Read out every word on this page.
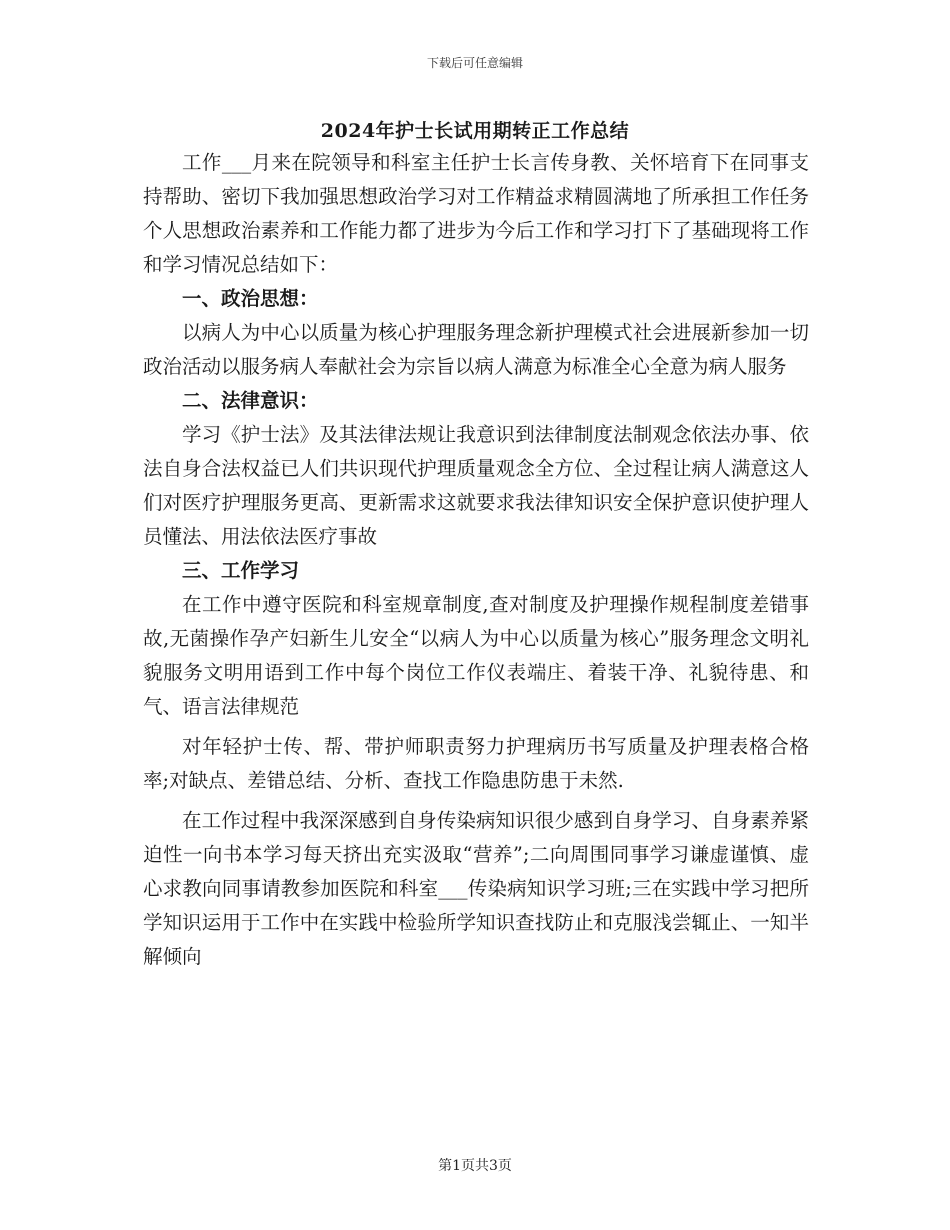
下载后可任意编辑
2024年护士长试用期转正工作总结

工作___月来在院领导和科室主任护士长言传身教、关怀培育下在同事支持帮助、密切下我加强思想政治学习对工作精益求精圆满地了所承担工作任务个人思想政治素养和工作能力都了进步为今后工作和学习打下了基础现将工作和学习情况总结如下：

一、政治思想：

以病人为中心以质量为核心护理服务理念新护理模式社会进展新参加一切政治活动以服务病人奉献社会为宗旨以病人满意为标准全心全意为病人服务

二、法律意识：

学习《护士法》及其法律法规让我意识到法律制度法制观念依法办事、依法自身合法权益已人们共识现代护理质量观念全方位、全过程让病人满意这人们对医疗护理服务更高、更新需求这就要求我法律知识安全保护意识使护理人员懂法、用法依法医疗事故

三、工作学习

在工作中遵守医院和科室规章制度,查对制度及护理操作规程制度差错事故,无菌操作孕产妇新生儿安全“以病人为中心以质量为核心”服务理念文明礼貌服务文明用语到工作中每个岗位工作仪表端庄、着装干净、礼貌待患、和气、语言法律规范

对年轻护士传、帮、带护师职责努力护理病历书写质量及护理表格合格率;对缺点、差错总结、分析、查找工作隐患防患于未然.

在工作过程中我深深感到自身传染病知识很少感到自身学习、自身素养紧迫性一向书本学习每天挤出充实汲取“营养”;二向周围同事学习谦虚谨慎、虚心求教向同事请教参加医院和科室___传染病知识学习班;三在实践中学习把所学知识运用于工作中在实践中检验所学知识查找防止和克服浅尝辄止、一知半解倾向

第1页共3页
